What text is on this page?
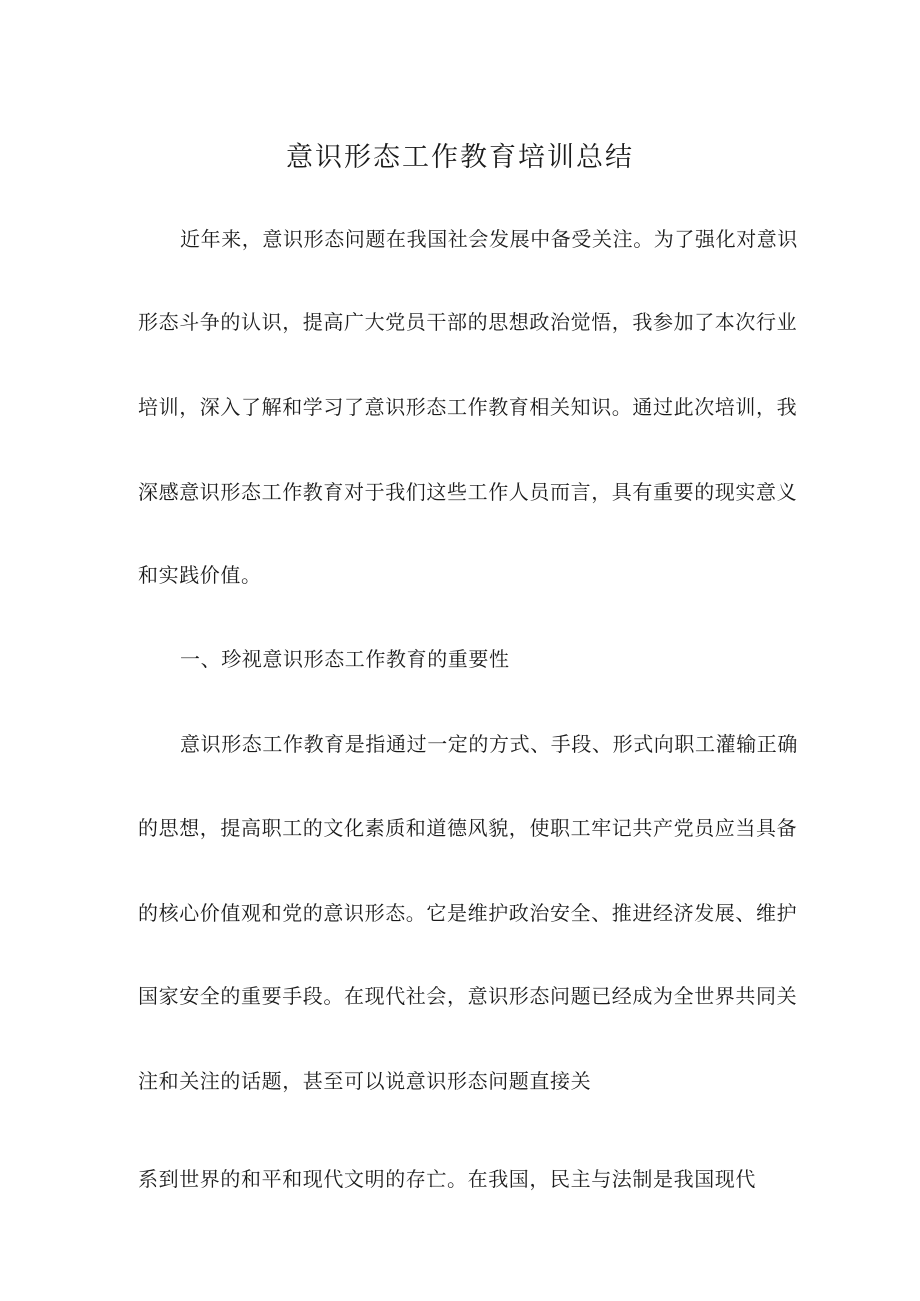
意识形态工作教育培训总结
近年来，意识形态问题在我国社会发展中备受关注。为了强化对意识
形态斗争的认识，提高广大党员干部的思想政治觉悟，我参加了本次行业
培训，深入了解和学习了意识形态工作教育相关知识。通过此次培训，我
深感意识形态工作教育对于我们这些工作人员而言，具有重要的现实意义
和实践价值。
一、珍视意识形态工作教育的重要性
意识形态工作教育是指通过一定的方式、手段、形式向职工灌输正确
的思想，提高职工的文化素质和道德风貌，使职工牢记共产党员应当具备
的核心价值观和党的意识形态。它是维护政治安全、推进经济发展、维护
国家安全的重要手段。在现代社会，意识形态问题已经成为全世界共同关
注和关注的话题，甚至可以说意识形态问题直接关
系到世界的和平和现代文明的存亡。在我国，民主与法制是我国现代
